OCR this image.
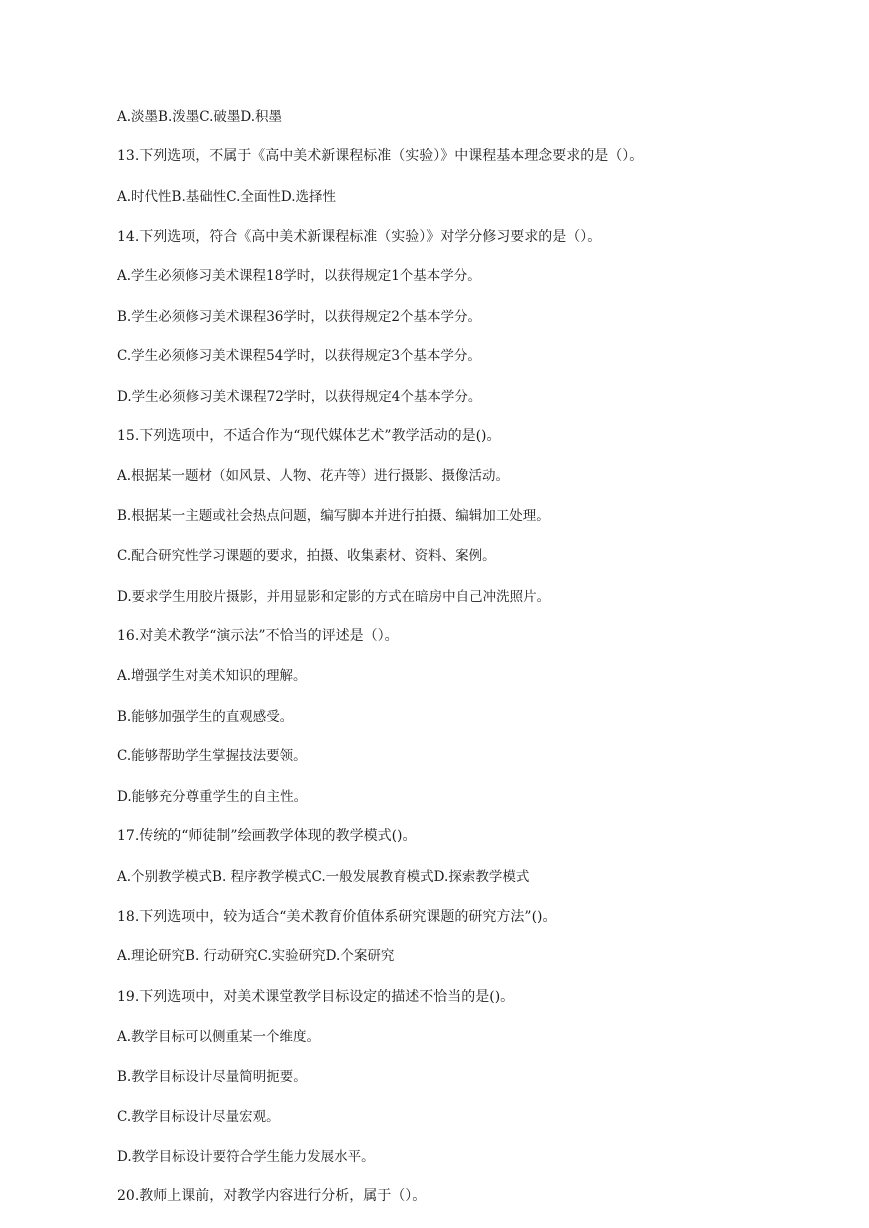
A.淡墨B.泼墨C.破墨D.积墨

13.下列选项，不属于《高中美术新课程标准（实验）》中课程基本理念要求的是（）。

A.时代性B.基础性C.全面性D.选择性

14.下列选项，符合《高中美术新课程标准（实验）》对学分修习要求的是（）。

A.学生必须修习美术课程18学时，以获得规定1个基本学分。

B.学生必须修习美术课程36学时，以获得规定2个基本学分。

C.学生必须修习美术课程54学时，以获得规定3个基本学分。

D.学生必须修习美术课程72学时，以获得规定4个基本学分。

15.下列选项中，不适合作为“现代媒体艺术”教学活动的是()。

A.根据某一题材（如风景、人物、花卉等）进行摄影、摄像活动。

B.根据某一主题或社会热点问题，编写脚本并进行拍摄、编辑加工处理。

C.配合研究性学习课题的要求，拍摄、收集素材、资料、案例。

D.要求学生用胶片摄影，并用显影和定影的方式在暗房中自己冲洗照片。

16.对美术教学“演示法”不恰当的评述是（）。

A.增强学生对美术知识的理解。

B.能够加强学生的直观感受。

C.能够帮助学生掌握技法要领。

D.能够充分尊重学生的自主性。

17.传统的“师徒制”绘画教学体现的教学模式()。

A.个别教学模式B. 程序教学模式C.一般发展教育模式D.探索教学模式

18.下列选项中，较为适合“美术教育价值体系研究课题的研究方法”()。

A.理论研究B. 行动研究C.实验研究D.个案研究

19.下列选项中，对美术课堂教学目标设定的描述不恰当的是()。

A.教学目标可以侧重某一个维度。

B.教学目标设计尽量简明扼要。

C.教学目标设计尽量宏观。

D.教学目标设计要符合学生能力发展水平。

20.教师上课前，对教学内容进行分析，属于（）。
